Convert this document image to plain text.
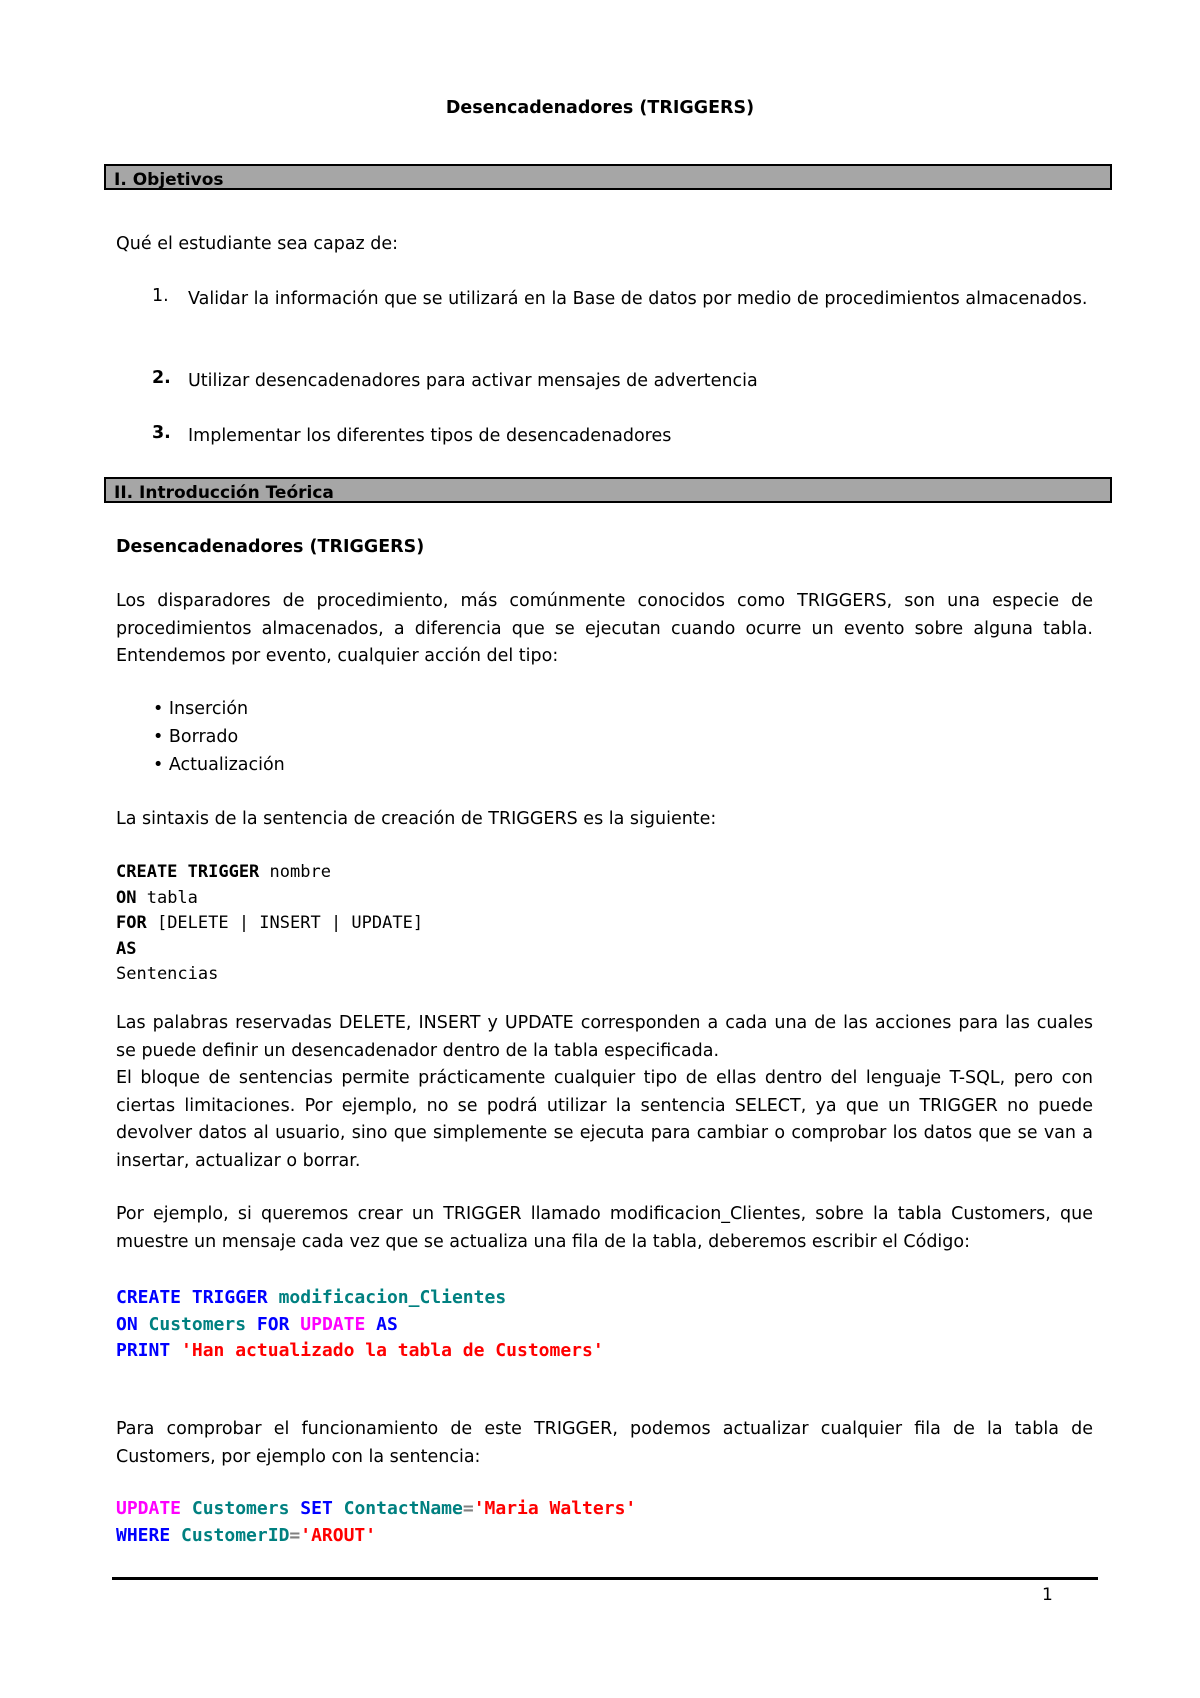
Desencadenadores (TRIGGERS)
I. Objetivos
Qué el estudiante sea capaz de:
1.	Validar la información que se utilizará en la Base de datos por medio de procedimientos almacenados.
2. Utilizar desencadenadores para activar mensajes de advertencia
3. Implementar los diferentes tipos de desencadenadores
II. Introducción Teórica
Desencadenadores (TRIGGERS)
Los disparadores de procedimiento, más comúnmente conocidos como TRIGGERS, son una especie de procedimientos almacenados, a diferencia que se ejecutan cuando ocurre un evento sobre alguna tabla. Entendemos por evento, cualquier acción del tipo:
• Inserción
• Borrado
• Actualización
La sintaxis de la sentencia de creación de TRIGGERS es la siguiente:
CREATE TRIGGER nombre
ON tabla
FOR [DELETE | INSERT | UPDATE]
AS
Sentencias
Las palabras reservadas DELETE, INSERT y UPDATE corresponden a cada una de las acciones para las cuales se puede definir un desencadenador dentro de la tabla especificada.
El bloque de sentencias permite prácticamente cualquier tipo de ellas dentro del lenguaje T-SQL, pero con ciertas limitaciones. Por ejemplo, no se podrá utilizar la sentencia SELECT, ya que un TRIGGER no puede devolver datos al usuario, sino que simplemente se ejecuta para cambiar o comprobar los datos que se van a insertar, actualizar o borrar.
Por ejemplo, si queremos crear un TRIGGER llamado modificacion_Clientes, sobre la tabla Customers, que muestre un mensaje cada vez que se actualiza una fila de la tabla, deberemos escribir el Código:
CREATE TRIGGER modificacion_Clientes
ON Customers FOR UPDATE AS
PRINT 'Han actualizado la tabla de Customers'
Para comprobar el funcionamiento de este TRIGGER, podemos actualizar cualquier fila de la tabla de Customers, por ejemplo con la sentencia:
UPDATE Customers SET ContactName='Maria Walters'
WHERE CustomerID='AROUT'
1
